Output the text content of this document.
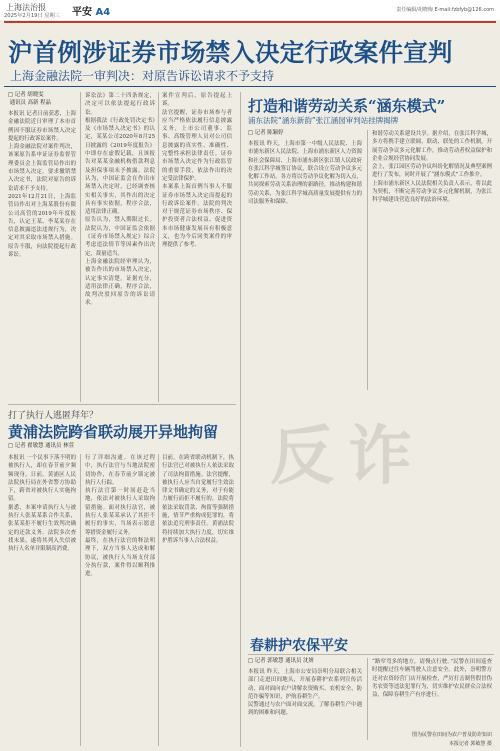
上海法治报
2025年2月19日 星期三 平安 A4	责任编辑/胡晓梅 E-mail:fzbfyb@126.com
沪首例涉证券市场禁入决定行政案件宣判
上海金融法院一审判决：对原告诉讼请求不予支持
□ 记者 胡晓雯
通讯员 高新 程晶
本报讯 记者日前获悉，上海金融法院近日审理了本市首例因不服证券市场禁入决定提起的行政诉讼案件。
上海金融法院对案件判决，该案原告系申证证券监督管理委员会上海监管局作出的市场禁入决定，要求撤销禁入决定书，法院对原告的诉讼请求不予支持。
2021年12月21日，上海监管局作出对上海某股份有限公司高管的2019年年度报告，认定王某、李某某存在信息披露违法违规行为，决定对其采取市场禁入措施。原告不服，向法院提起行政诉讼。
诉讼法》第二十四条规定，决定可以依法提起行政诉讼。
根据我法《行政处罚决定书》及《市场禁入决定书》的认定，某某公司2020年8月25日披露的《2019年度报告》中即存在虚假记载，且该报告对某某金融机构借款利息及担保事项未予披露。法院认为，中国证监会在作出市场禁入决定时，已经调查核实相关事实，其作出的决定具有事实依据，程序合法，适用法律正确。
原告认为，禁入期限过长。法院认为，中国证监会依据《证券市场禁入规定》综合考虑违法情节等因素作出决定，裁量适当。
上海金融法院经审理认为，被告作出的市场禁入决定，认定事实清楚，证据充分，适用法律正确，程序合法，故判决驳回原告的诉讼请求。
案件宣判后，原告提起上诉。
法官提醒，证券市场参与者应当严格依法履行信息披露义务，上市公司董事、监事、高级管理人员对公司信息披露的真实性、准确性、完整性承担法律责任。证券市场禁入决定作为行政监管的重要手段，依法作出的决定受法律保护。
本案系上海首例当事人不服证券市场禁入决定而提起的行政诉讼案件。法院的判决对于规范证券市场秩序、保护投资者合法权益、促进资本市场健康发展具有积极意义，也为今后同类案件的审理提供了参考。
打了执行人逃匿拜年？
黄浦法院跨省联动展开异地拘留
□ 记者 翟敏慧 通讯员 林萱
本报讯 一个民事下落不明的被执行人，却在春节前夕频频现身。日前，黄浦区人民法院执行局在外省警方协助下，跨省对被执行人实施拘留。
据悉，本案申请执行人与被执行人张某某系合作关系，张某某拒不履行生效判决确定的还款义务。法院多次查找未果，遂将其列入失信被执行人名单并限制高消费。
行了详细沟通。在该过程中，执行法官与当地法院密切协作，在春节前夕锁定被执行人行踪。
执行法官第一时间赶赴当地，依法对被执行人采取拘留措施。面对执行法官，被执行人张某某承认了其拒不履行的事实，当场表示愿意筹措资金履行义务。
最终，在执行法官的释法明理下，双方当事人达成和解协议，被执行人当场支付部分执行款，案件得以顺利推进。
目前，在跨省联动机制下，执行法官已对被执行人依法采取了司法拘留措施。法官提醒，被执行人应当自觉履行生效法律文书确定的义务，对于有能力履行而拒不履行的，法院将依法采取罚款、拘留等强制措施，情节严重构成犯罪的，将依法追究刑事责任。黄浦法院将持续加大执行力度，切实维护胜诉当事人合法权益。
打造和谐劳动关系“涵东模式”
浦东法院“涵东新韵”张江涵园审判站挂牌揭牌
□ 记者 陈颖婷
本报讯 昨天，上海市第一中级人民法院、上海市浦东新区人民法院、上海市浦东新区人力资源和社会保障局、上海市浦东新区张江镇人民政府在张江科学城签订协议，联合设立劳动争议多元化解工作站。各方将以劳动争议化解为切入点，共同探索劳动关系治理的新路径，推动构建和谐劳动关系，为张江科学城高质量发展提供有力的司法服务和保障。
和谐劳动关系建设共享。据介绍，在张江科学城，多方将携手建立联调、联动、联处的工作机制，开展劳动争议多元化解工作，推动劳动者权益保护和企业合规经营协同发展。
会上，张江园区劳动争议纠纷化解情况及典型案例进行了发布，同时开展了“涵东模式”工作推介。
上海市浦东新区人民法院相关负责人表示，将以此为契机，不断完善劳动争议多元化解机制，为张江科学城建设营造良好的法治环境。
反诈
春耕护农保平安
□ 记者 郭敏慧 通讯员 沈妍
本报讯 昨天，上海市公安局崇明分局联合相关部门走进田间地头，开展春耕护农系列宣传活动，面对面向农户讲解农资购买、农机安全、防范诈骗等知识，护航春耕生产。
民警通过与农户面对面交流，了解春耕生产中遇到的困难和问题。
“路窄弯多的地方，请慢点行驶。”民警在田间巡查时提醒过往车辆驾驶人注意安全。此外，崇明警方还对农资经营门店开展检查，严厉打击制售假冒伪劣农资等违法犯罪行为，切实维护农民群众合法权益，保障春耕生产有序进行。
图为民警在田间为农户普及防诈知识
本报记者 郭敏慧 摄
